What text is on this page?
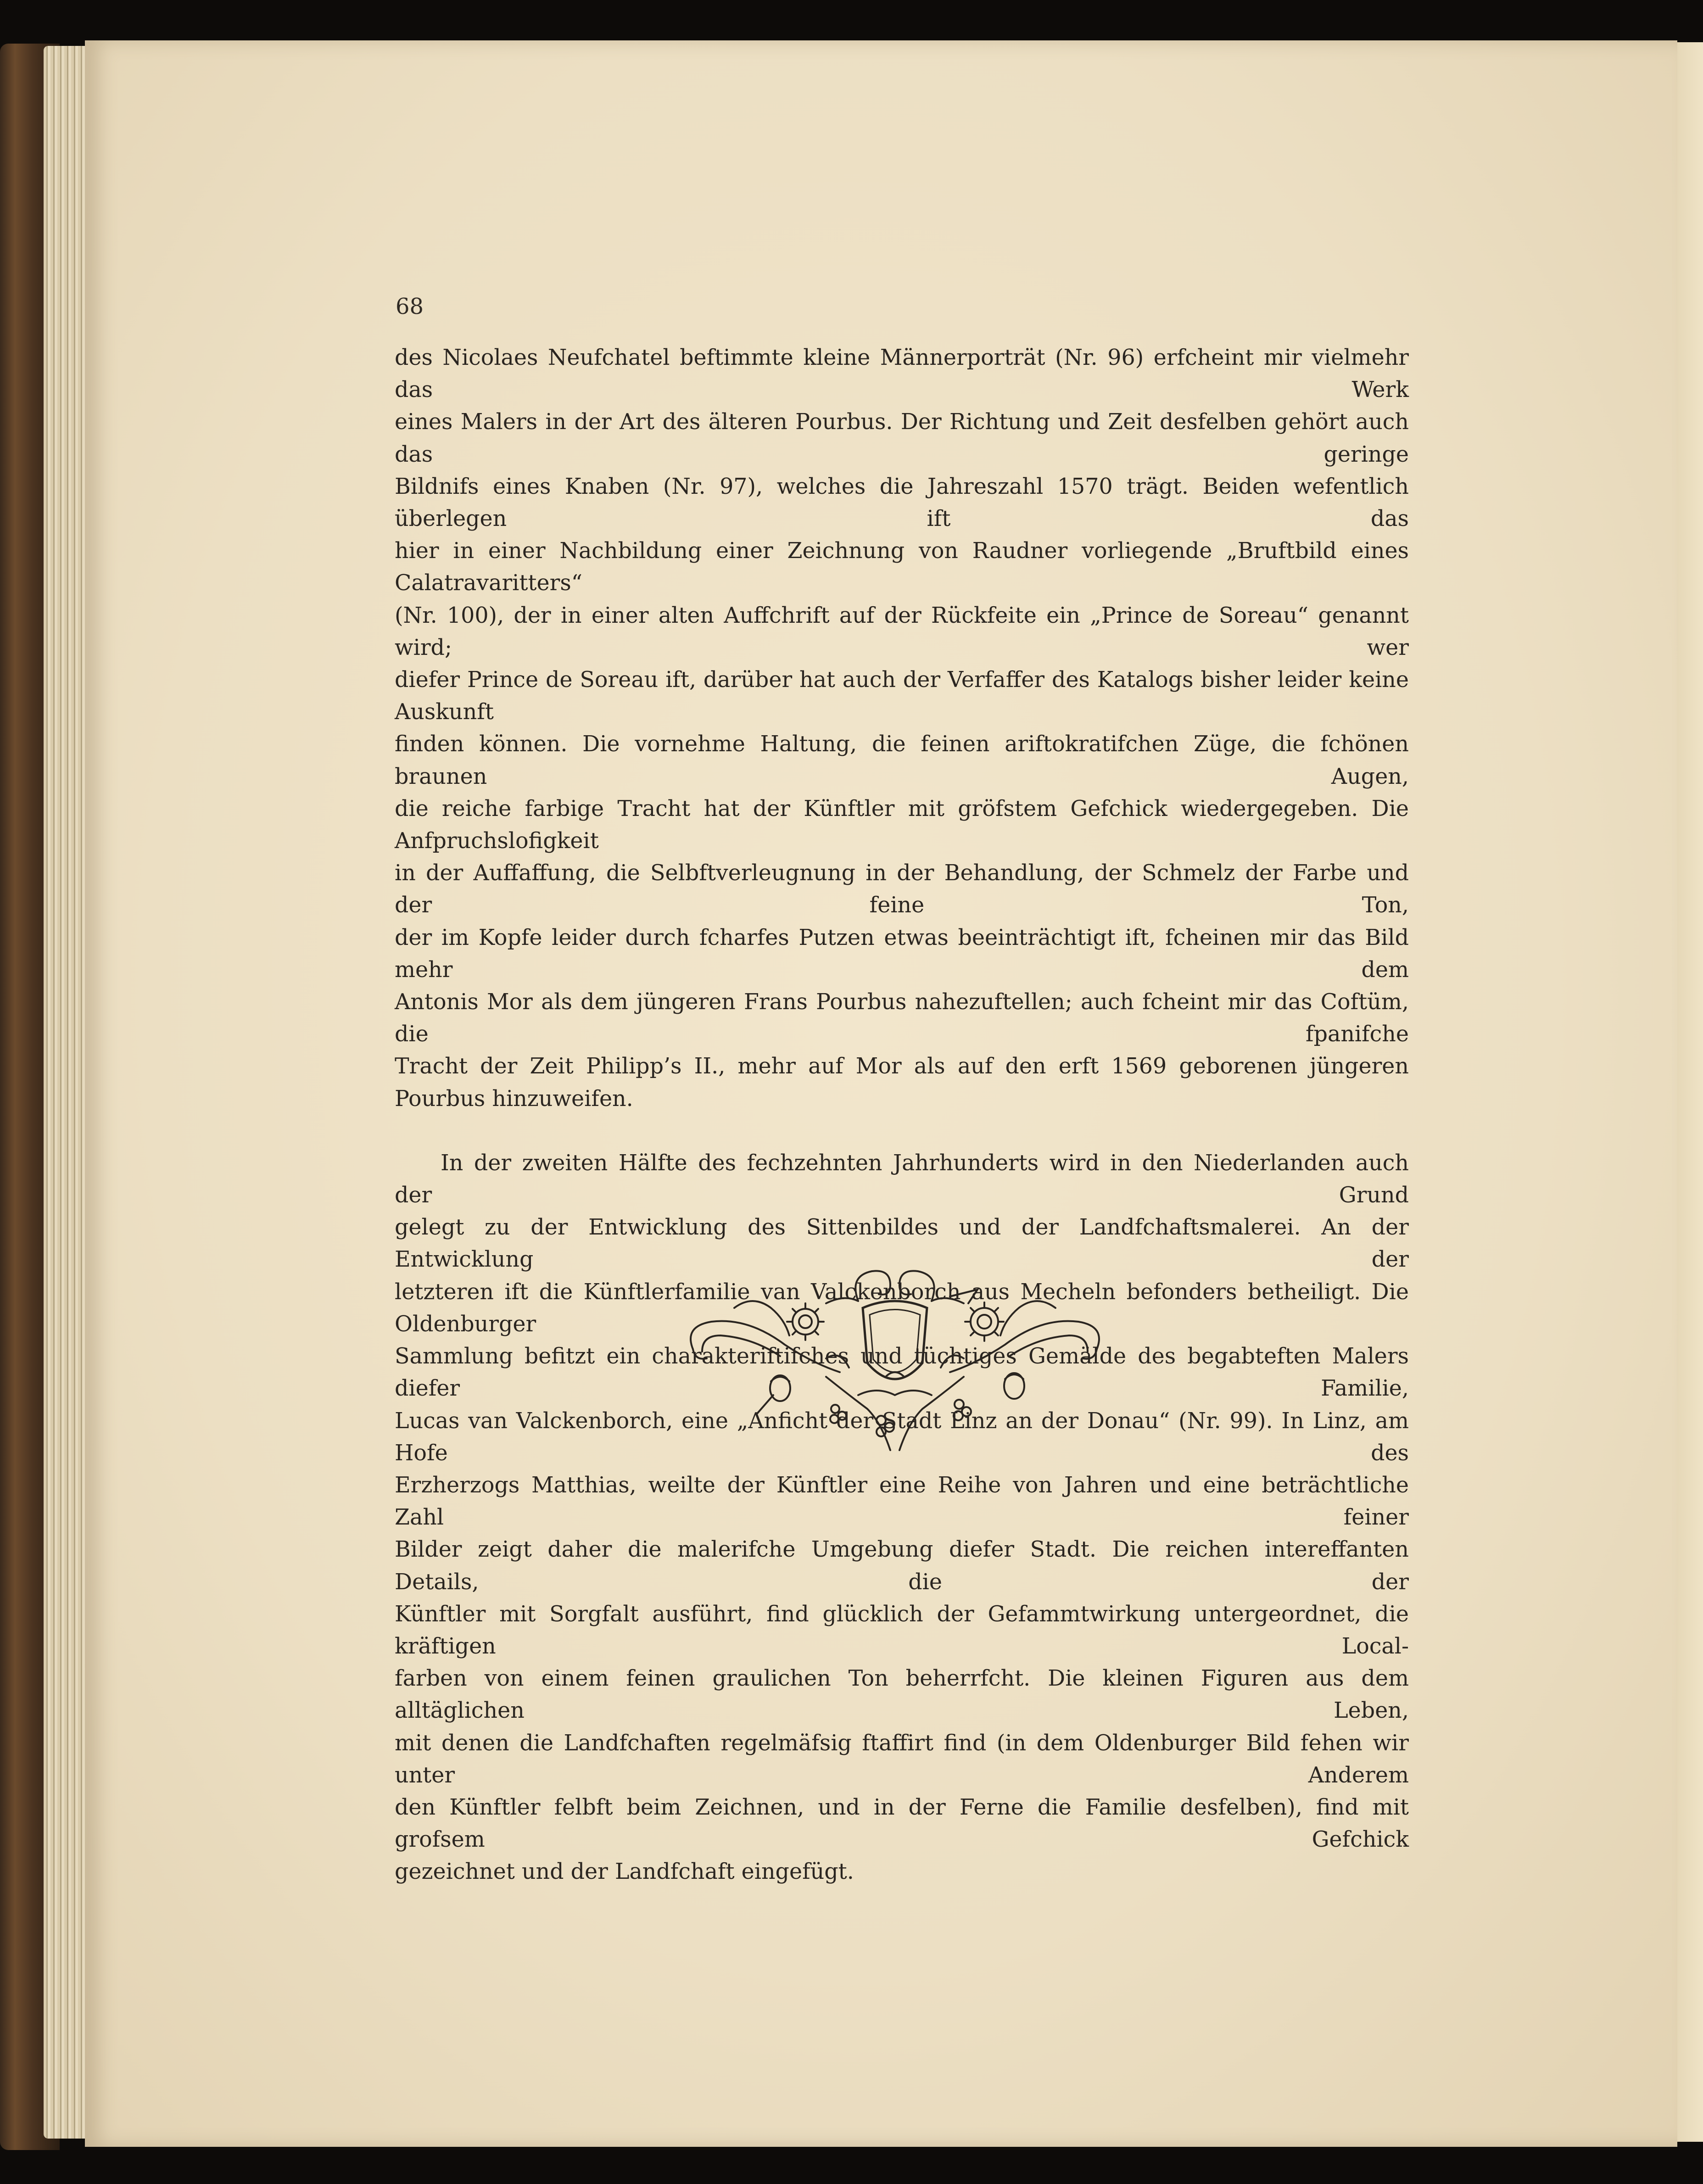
68

des Nicolaes Neufchatel beftimmte kleine Männerporträt (Nr. 96) erfcheint mir vielmehr das Werk

eines Malers in der Art des älteren Pourbus. Der Richtung und Zeit desfelben gehört auch das geringe

Bildnifs eines Knaben (Nr. 97), welches die Jahreszahl 1570 trägt. Beiden wefentlich überlegen ift das

hier in einer Nachbildung einer Zeichnung von Raudner vorliegende „Bruftbild eines Calatravaritters“

(Nr. 100), der in einer alten Auffchrift auf der Rückfeite ein „Prince de Soreau“ genannt wird; wer

diefer Prince de Soreau ift, darüber hat auch der Verfaffer des Katalogs bisher leider keine Auskunft

finden können. Die vornehme Haltung, die feinen ariftokratifchen Züge, die fchönen braunen Augen,

die reiche farbige Tracht hat der Künftler mit gröfstem Gefchick wiedergegeben. Die Anfpruchslofigkeit

in der Auffaffung, die Selbftverleugnung in der Behandlung, der Schmelz der Farbe und der feine Ton,

der im Kopfe leider durch fcharfes Putzen etwas beeinträchtigt ift, fcheinen mir das Bild mehr dem

Antonis Mor als dem jüngeren Frans Pourbus nahezuftellen; auch fcheint mir das Coftüm, die fpanifche

Tracht der Zeit Philipp’s II., mehr auf Mor als auf den erft 1569 geborenen jüngeren Pourbus hinzuweifen.

In der zweiten Hälfte des fechzehnten Jahrhunderts wird in den Niederlanden auch der Grund

gelegt zu der Entwicklung des Sittenbildes und der Landfchaftsmalerei. An der Entwicklung der

letzteren ift die Künftlerfamilie van Valckenborch aus Mecheln befonders betheiligt. Die Oldenburger

Sammlung befitzt ein charakteriftifches und tüchtiges Gemälde des begabteften Malers diefer Familie,

Lucas van Valckenborch, eine „Anficht der Stadt Linz an der Donau“ (Nr. 99). In Linz, am Hofe des

Erzherzogs Matthias, weilte der Künftler eine Reihe von Jahren und eine beträchtliche Zahl feiner

Bilder zeigt daher die malerifche Umgebung diefer Stadt. Die reichen intereffanten Details, die der

Künftler mit Sorgfalt ausführt, find glücklich der Gefammtwirkung untergeordnet, die kräftigen Local-

farben von einem feinen graulichen Ton beherrfcht. Die kleinen Figuren aus dem alltäglichen Leben,

mit denen die Landfchaften regelmäfsig ftaffirt find (in dem Oldenburger Bild fehen wir unter Anderem

den Künftler felbft beim Zeichnen, und in der Ferne die Familie desfelben), find mit grofsem Gefchick

gezeichnet und der Landfchaft eingefügt.
